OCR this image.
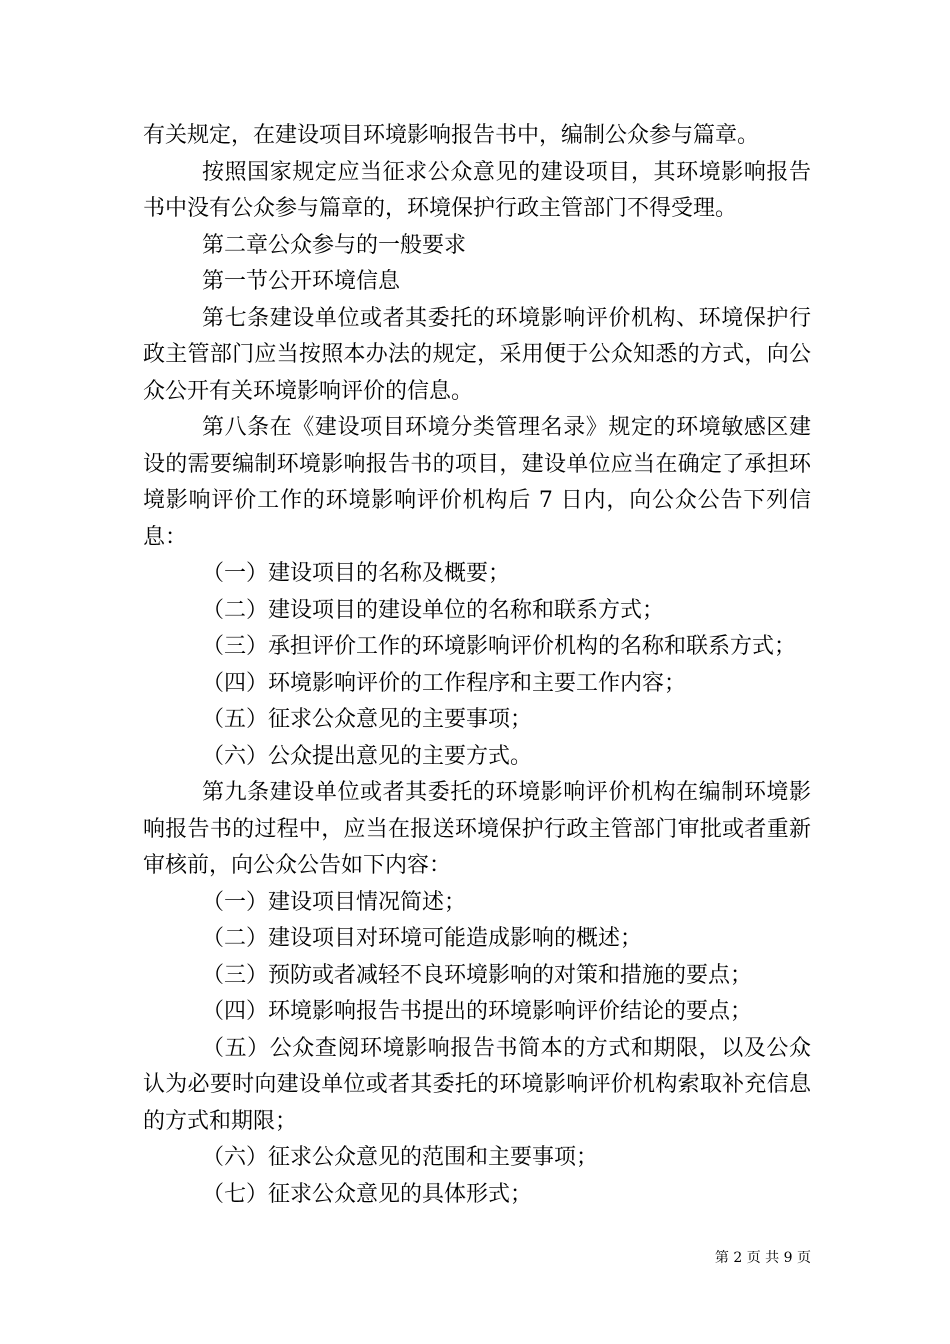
有关规定，在建设项目环境影响报告书中，编制公众参与篇章。

按照国家规定应当征求公众意见的建设项目，其环境影响报告书中没有公众参与篇章的，环境保护行政主管部门不得受理。

第二章公众参与的一般要求

第一节公开环境信息

第七条建设单位或者其委托的环境影响评价机构、环境保护行政主管部门应当按照本办法的规定，采用便于公众知悉的方式，向公众公开有关环境影响评价的信息。

第八条在《建设项目环境分类管理名录》规定的环境敏感区建设的需要编制环境影响报告书的项目，建设单位应当在确定了承担环境影响评价工作的环境影响评价机构后 7 日内，向公众公告下列信息：

（一）建设项目的名称及概要；

（二）建设项目的建设单位的名称和联系方式；

（三）承担评价工作的环境影响评价机构的名称和联系方式；

（四）环境影响评价的工作程序和主要工作内容；

（五）征求公众意见的主要事项；

（六）公众提出意见的主要方式。

第九条建设单位或者其委托的环境影响评价机构在编制环境影响报告书的过程中，应当在报送环境保护行政主管部门审批或者重新审核前，向公众公告如下内容：

（一）建设项目情况简述；

（二）建设项目对环境可能造成影响的概述；

（三）预防或者减轻不良环境影响的对策和措施的要点；

（四）环境影响报告书提出的环境影响评价结论的要点；

（五）公众查阅环境影响报告书简本的方式和期限，以及公众认为必要时向建设单位或者其委托的环境影响评价机构索取补充信息的方式和期限；

（六）征求公众意见的范围和主要事项；

（七）征求公众意见的具体形式；

第 2 页 共 9 页
